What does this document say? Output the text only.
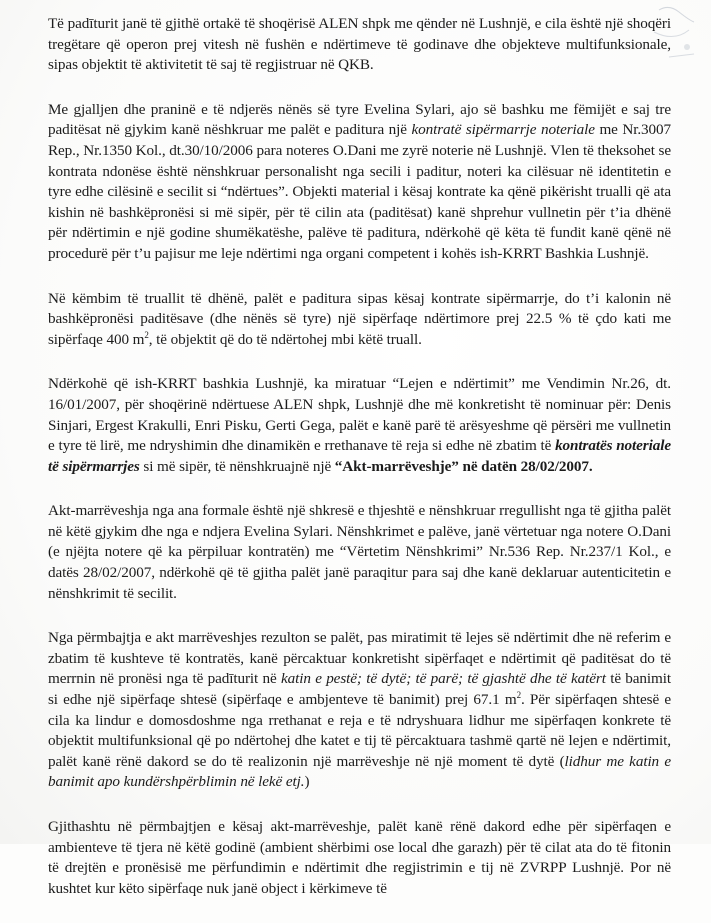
Të padīturit janë të gjithë ortakë të shoqërisë ALEN shpk me qënder në Lushnjë, e cila është një shoqëri tregëtare që operon prej vitesh në fushën e ndërtimeve të godinave dhe objekteve multifunksionale, sipas objektit të aktivitetit të saj të regjistruar në QKB.

Me gjalljen dhe praninë e të ndjerës nënës së tyre Evelina Sylari, ajo së bashku me fëmijët e saj tre paditësat në gjykim kanë nëshkruar me palët e paditura një kontratë sipërmarrje noteriale me Nr.3007 Rep., Nr.1350 Kol., dt.30/10/2006 para noteres O.Dani me zyrë noterie në Lushnjë. Vlen të theksohet se kontrata ndonëse është nënshkruar personalisht nga secili i paditur, noteri ka cilësuar në identitetin e tyre edhe cilësinë e secilit si “ndërtues”. Objekti material i kësaj kontrate ka qënë pikërisht trualli që ata kishin në bashkëpronësi si më sipër, për të cilin ata (paditësat) kanë shprehur vullnetin për t’ia dhënë për ndërtimin e një godine shumëkatëshe, palëve të paditura, ndërkohë që këta të fundit kanë qënë në procedurë për t’u pajisur me leje ndërtimi nga organi competent i kohës ish-KRRT Bashkia Lushnjë.

Në këmbim të truallit të dhënë, palët e paditura sipas kësaj kontrate sipërmarrje, do t’i kalonin në bashkëpronësi paditësave (dhe nënës së tyre) një sipërfaqe ndërtimore prej 22.5 % të çdo kati me sipërfaqe 400 $m^2$, të objektit që do të ndërtohej mbi këtë truall.

Ndërkohë që ish-KRRT bashkia Lushnjë, ka miratuar “Lejen e ndërtimit” me Vendimin Nr.26, dt. 16/01/2007, për shoqërinë ndërtuese ALEN shpk, Lushnjë dhe më konkretisht të nominuar për: Denis Sinjari, Ergest Krakulli, Enri Pisku, Gerti Gega, palët e kanë parë të arësyeshme që përsëri me vullnetin e tyre të lirë, me ndryshimin dhe dinamikën e rrethanave të reja si edhe në zbatim të kontratës noteriale të sipërmarrjes si më sipër, të nënshkruajnë një “Akt-marrëveshje” në datën 28/02/2007.

Akt-marrëveshja nga ana formale është një shkresë e thjeshtë e nënshkruar rregullisht nga të gjitha palët në këtë gjykim dhe nga e ndjera Evelina Sylari. Nënshkrimet e palëve, janë vërtetuar nga notere O.Dani (e njëjta notere që ka përpiluar kontratën) me “Vërtetim Nënshkrimi” Nr.536 Rep. Nr.237/1 Kol., e datës 28/02/2007, ndërkohë që të gjitha palët janë paraqitur para saj dhe kanë deklaruar autenticitetin e nënshkrimit të secilit.

Nga përmbajtja e akt marrëveshjes rezulton se palët, pas miratimit të lejes së ndërtimit dhe në referim e zbatim të kushteve të kontratës, kanë përcaktuar konkretisht sipërfaqet e ndërtimit që paditësat do të merrnin në pronësi nga të padīturit në katin e pestë; të dytë; të parë; të gjashtë dhe të katërt të banimit si edhe një sipërfaqe shtesë (sipërfaqe e ambjenteve të banimit) prej 67.1 $m^2$. Për sipërfaqen shtesë e cila ka lindur e domosdoshme nga rrethanat e reja e të ndryshuara lidhur me sipërfaqen konkrete të objektit multifunksional që po ndërtohej dhe katet e tij të përcaktuara tashmë qartë në lejen e ndërtimit, palët kanë rënë dakord se do të realizonin një marrëveshje në një moment të dytë (lidhur me katin e banimit apo kundërshpërblimin në lekë etj.)

Gjithashtu në përmbajtjen e kësaj akt-marrëveshje, palët kanë rënë dakord edhe për sipërfaqen e ambienteve të tjera në këtë godinë (ambient shërbimi ose local dhe garazh) për të cilat ata do të fitonin të drejtën e pronësisë me përfundimin e ndërtimit dhe regjistrimin e tij në ZVRPP Lushnjë. Por në kushtet kur këto sipërfaqe nuk janë object i kërkimeve të
